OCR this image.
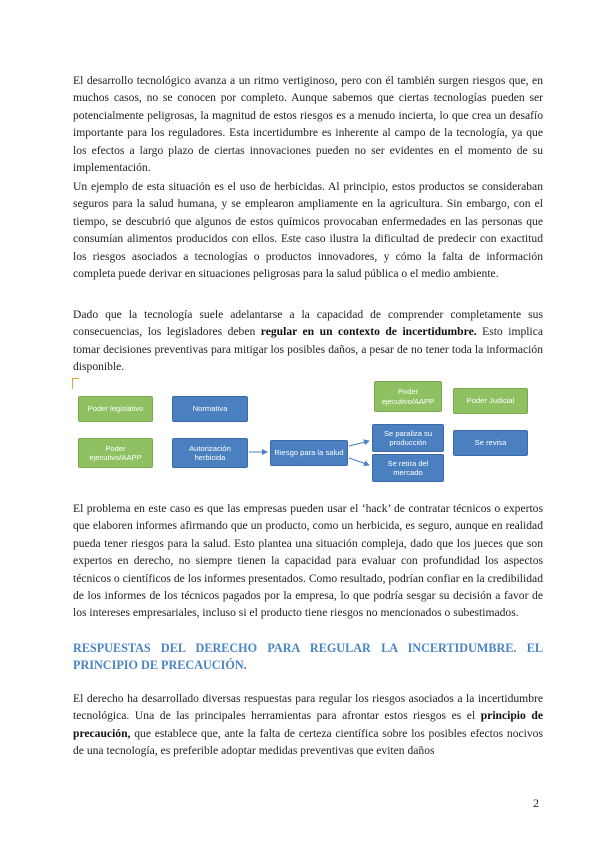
El desarrollo tecnológico avanza a un ritmo vertiginoso, pero con él también surgen riesgos que, en muchos casos, no se conocen por completo. Aunque sabemos que ciertas tecnologías pueden ser potencialmente peligrosas, la magnitud de estos riesgos es a menudo incierta, lo que crea un desafío importante para los reguladores. Esta incertidumbre es inherente al campo de la tecnología, ya que los efectos a largo plazo de ciertas innovaciones pueden no ser evidentes en el momento de su implementación.

Un ejemplo de esta situación es el uso de herbicidas. Al principio, estos productos se consideraban seguros para la salud humana, y se emplearon ampliamente en la agricultura. Sin embargo, con el tiempo, se descubrió que algunos de estos químicos provocaban enfermedades en las personas que consumían alimentos producidos con ellos. Este caso ilustra la dificultad de predecir con exactitud los riesgos asociados a tecnologías o productos innovadores, y cómo la falta de información completa puede derivar en situaciones peligrosas para la salud pública o el medio ambiente.

Dado que la tecnología suele adelantarse a la capacidad de comprender completamente sus consecuencias, los legisladores deben regular en un contexto de incertidumbre. Esto implica tomar decisiones preventivas para mitigar los posibles daños, a pesar de no tener toda la información disponible.

Poder legislativo	Normativa
Poder ejecutivo/AAPP	Poder Judicial
Poder ejecutivo/AAPP
Autorización herbicida
Riesgo para la salud
Se paraliza su producción
Se retira del mercado
Se revisa

El problema en este caso es que las empresas pueden usar el ‘hack’ de contratar técnicos o expertos que elaboren informes afirmando que un producto, como un herbicida, es seguro, aunque en realidad pueda tener riesgos para la salud. Esto plantea una situación compleja, dado que los jueces que son expertos en derecho, no siempre tienen la capacidad para evaluar con profundidad los aspectos técnicos o científicos de los informes presentados. Como resultado, podrían confiar en la credibilidad de los informes de los técnicos pagados por la empresa, lo que podría sesgar su decisión a favor de los intereses empresariales, incluso si el producto tiene riesgos no mencionados o subestimados.

RESPUESTAS DEL DERECHO PARA REGULAR LA INCERTIDUMBRE. EL PRINCIPIO DE PRECAUCIÓN.

El derecho ha desarrollado diversas respuestas para regular los riesgos asociados a la incertidumbre tecnológica. Una de las principales herramientas para afrontar estos riesgos es el principio de precaución, que establece que, ante la falta de certeza científica sobre los posibles efectos nocivos de una tecnología, es preferible adoptar medidas preventivas que eviten daños

2
